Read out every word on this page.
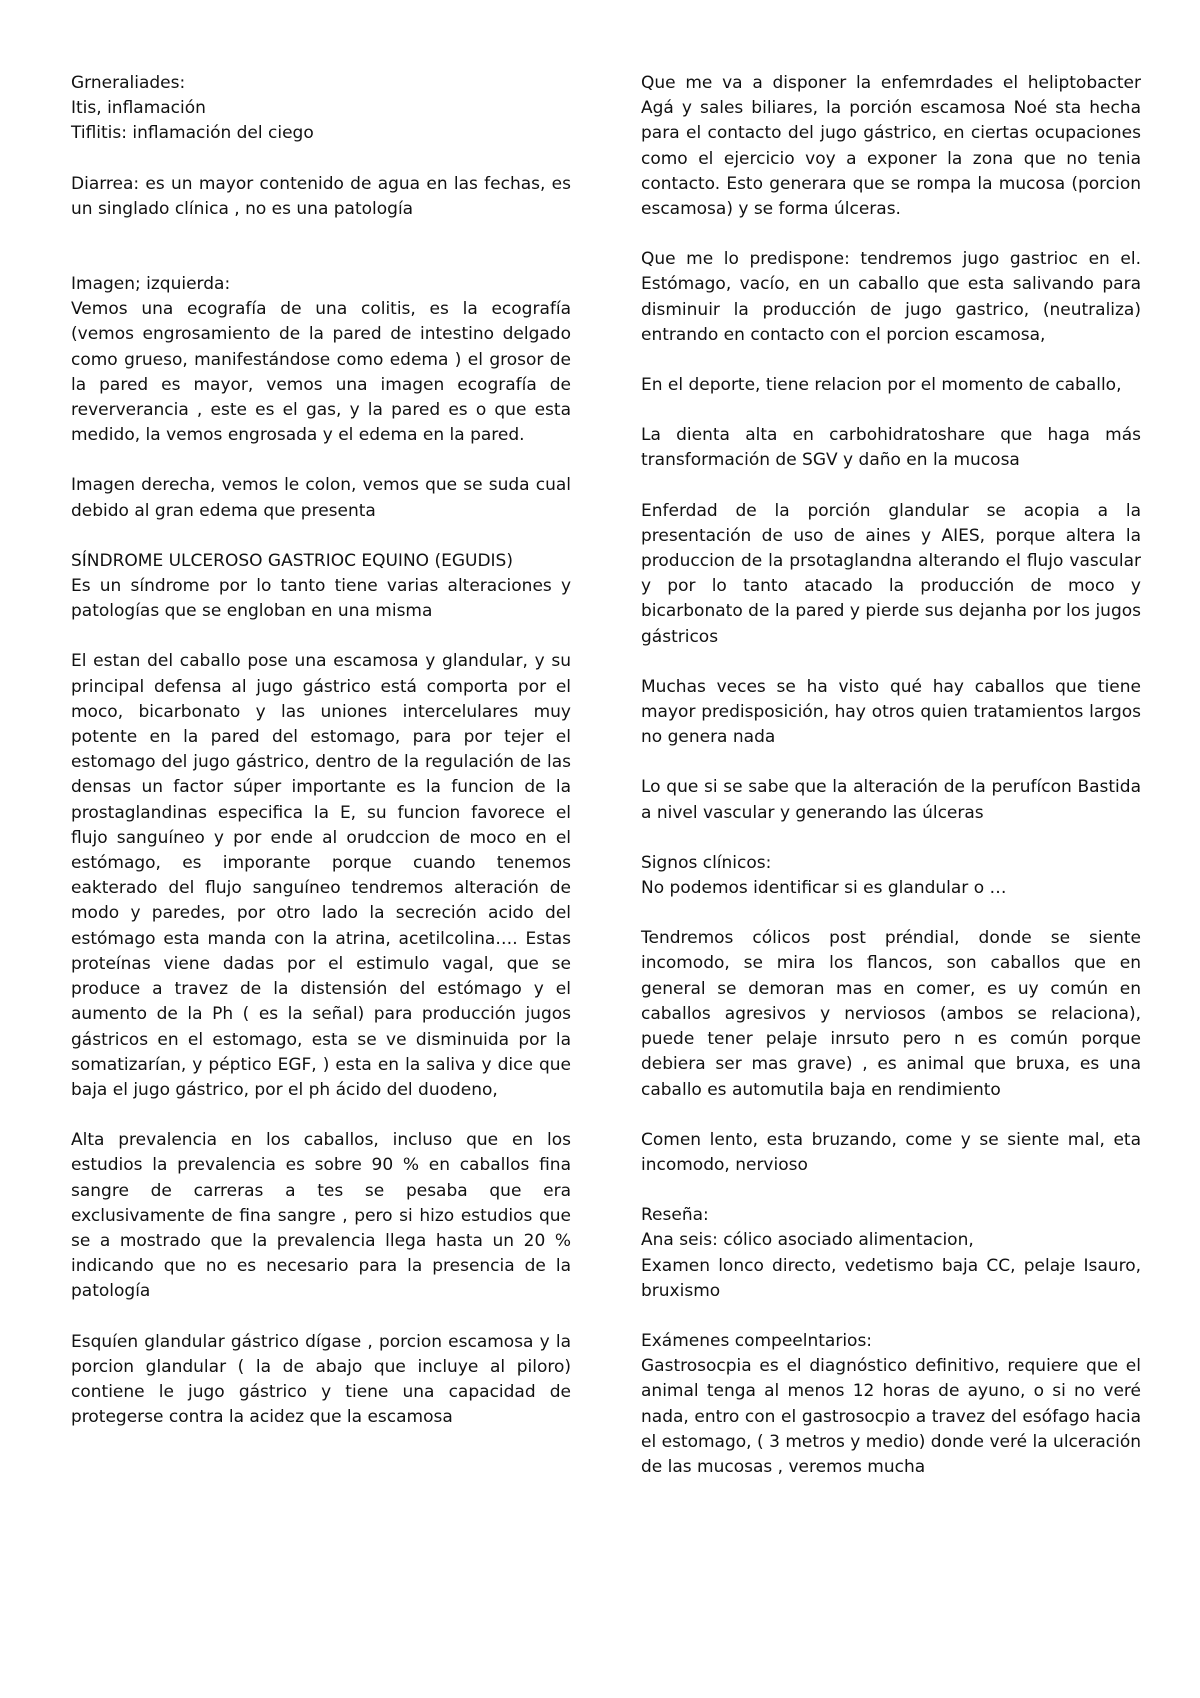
Grneraliades:
Itis, inflamación
Tiflitis: inflamación del ciego

Diarrea: es un mayor contenido de agua en las fechas, es un singlado clínica , no es una patología

Imagen; izquierda:
Vemos una ecografía de una colitis, es la ecografía (vemos engrosamiento de la pared de intestino delgado como grueso, manifestándose como edema ) el grosor de la pared es mayor, vemos una imagen ecografía de reververancia , este es el gas, y la pared es o que esta medido, la vemos engrosada y el edema en la pared.

Imagen derecha, vemos le colon, vemos que se suda cual debido al gran edema que presenta

SÍNDROME ULCEROSO GASTRIOC EQUINO (EGUDIS)
Es un síndrome por lo tanto tiene varias alteraciones y patologías que se engloban en una misma

El estan del caballo pose una escamosa y glandular, y su principal defensa al jugo gástrico está comporta por el moco, bicarbonato y las uniones intercelulares muy potente en la pared del estomago, para por tejer el estomago del jugo gástrico, dentro de la regulación de las densas un factor súper importante es la funcion de la prostaglandinas especifica la E, su funcion favorece el flujo sanguíneo y por ende al orudccion de moco en el estómago, es imporante porque cuando tenemos eakterado del flujo sanguíneo tendremos alteración de modo y paredes, por otro lado la secreción acido del estómago esta manda con la atrina, acetilcolina…. Estas proteínas viene dadas por el estimulo vagal, que se produce a travez de la distensión del estómago y el aumento de la Ph ( es la señal) para producción jugos gástricos en el estomago, esta se ve disminuida por la somatizarían, y péptico EGF, ) esta en la saliva y dice que baja el jugo gástrico, por el ph ácido del duodeno,

Alta prevalencia en los caballos, incluso que en los estudios la prevalencia es sobre 90 % en caballos fina sangre de carreras a tes se pesaba que era exclusivamente de fina sangre , pero si hizo estudios que se a mostrado que la prevalencia llega hasta un 20 % indicando que no es necesario para la presencia de la patología

Esquíen glandular gástrico dígase , porcion escamosa y la porcion glandular ( la de abajo que incluye al piloro) contiene le jugo gástrico y tiene una capacidad de protegerse contra la acidez que la escamosa

Que me va a disponer la enfemrdades el heliptobacter Agá y sales biliares, la porción escamosa Noé sta hecha para el contacto del jugo gástrico, en ciertas ocupaciones como el ejercicio voy a exponer la zona que no tenia contacto. Esto generara que se rompa la mucosa (porcion escamosa) y se forma úlceras.

Que me lo predispone: tendremos jugo gastrioc en el. Estómago, vacío, en un caballo que esta salivando para disminuir la producción de jugo gastrico, (neutraliza) entrando en contacto con el porcion escamosa,

En el deporte, tiene relacion por el momento de caballo,

La dienta alta en carbohidratoshare que haga más transformación de SGV y daño en la mucosa

Enferdad de la porción glandular se acopia a la presentación de uso de aines y AIES, porque altera la produccion de la prsotaglandna alterando el flujo vascular y por lo tanto atacado la producción de moco y bicarbonato de la pared y pierde sus dejanha por los jugos gástricos

Muchas veces se ha visto qué hay caballos que tiene mayor predisposición, hay otros quien tratamientos largos no genera nada

Lo que si se sabe que la alteración de la perufícon Bastida a nivel vascular y generando las úlceras

Signos clínicos:
No podemos identificar si es glandular o …

Tendremos cólicos post préndial, donde se siente incomodo, se mira los flancos, son caballos que en general se demoran mas en comer, es uy común en caballos agresivos y nerviosos (ambos se relaciona), puede tener pelaje inrsuto pero n es común porque debiera ser mas grave) , es animal que bruxa, es una caballo es automutila baja en rendimiento

Comen lento, esta bruzando, come y se siente mal, eta incomodo, nervioso

Reseña:
Ana seis: cólico asociado alimentacion,
Examen lonco directo, vedetismo baja CC, pelaje Isauro, bruxismo

Exámenes compeelntarios:
Gastrosocpia es el diagnóstico definitivo, requiere que el animal tenga al menos 12 horas de ayuno, o si no veré nada, entro con el gastrosocpio a travez del esófago hacia el estomago, ( 3 metros y medio) donde veré la ulceración de las mucosas , veremos mucha
